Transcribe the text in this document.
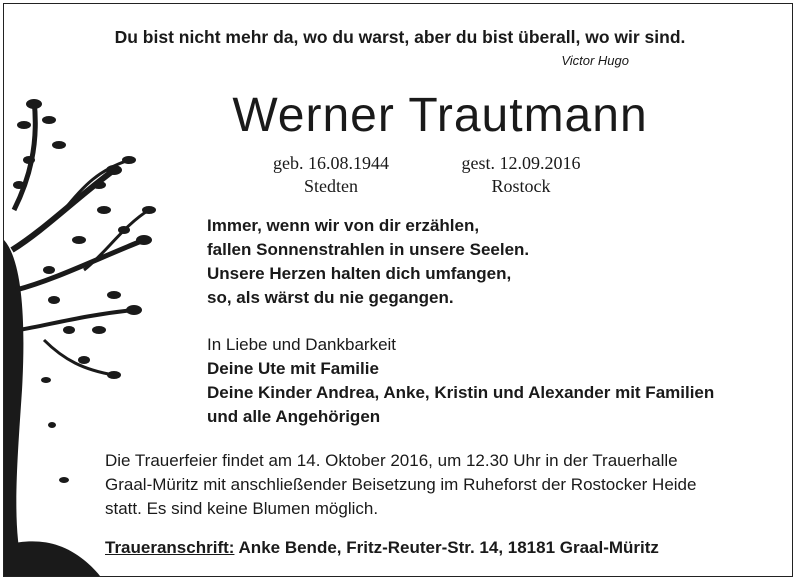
Du bist nicht mehr da, wo du warst, aber du bist überall, wo wir sind.
Victor Hugo
Werner Trautmann
geb. 16.08.1944
Stedten
gest. 12.09.2016
Rostock
Immer, wenn wir von dir erzählen,
fallen Sonnenstrahlen in unsere Seelen.
Unsere Herzen halten dich umfangen,
so, als wärst du nie gegangen.
In Liebe und Dankbarkeit
Deine Ute mit Familie
Deine Kinder Andrea, Anke, Kristin und Alexander mit Familien
und alle Angehörigen
Die Trauerfeier findet am 14. Oktober 2016, um 12.30 Uhr in der Trauerhalle
Graal-Müritz mit anschließender Beisetzung im Ruheforst der Rostocker Heide
statt. Es sind keine Blumen möglich.
Traueranschrift: Anke Bende, Fritz-Reuter-Str. 14, 18181 Graal-Müritz
